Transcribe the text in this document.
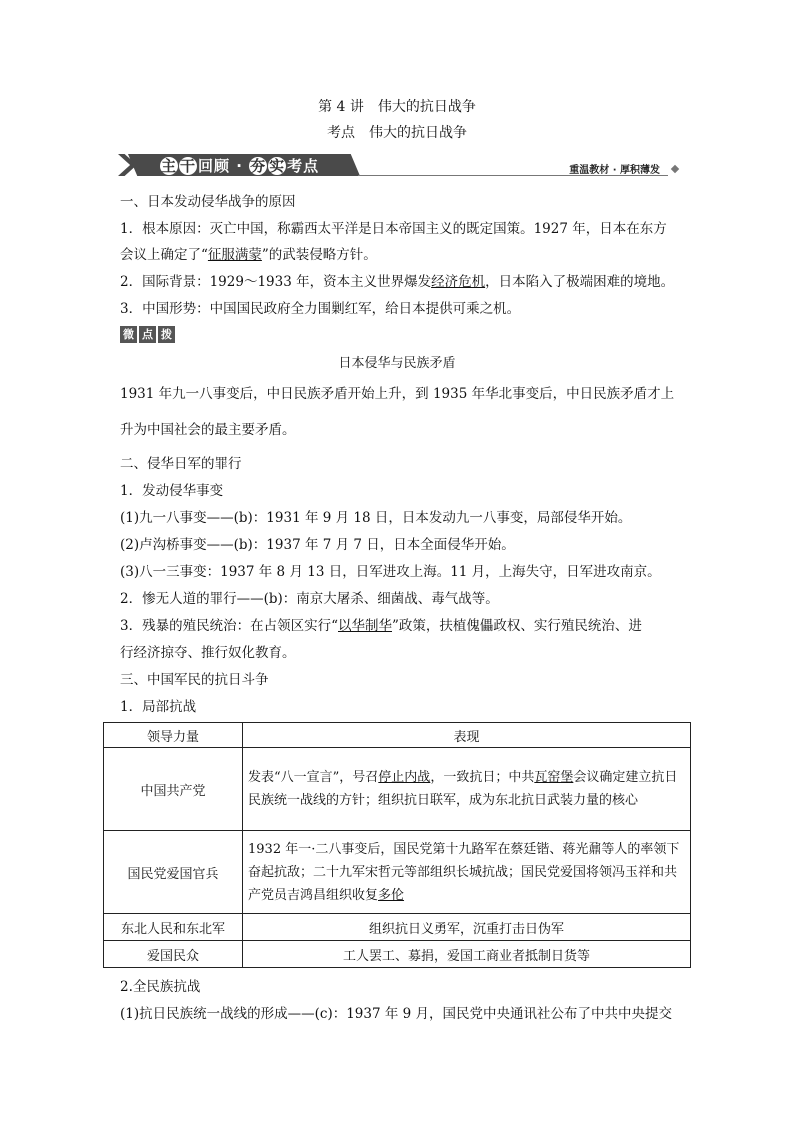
第 4 讲　伟大的抗日战争
考点　伟大的抗日战争
主 干 回顾 · 夯 实 考点	重温教材 · 厚积薄发
一、日本发动侵华战争的原因
1．根本原因：灭亡中国，称霸西太平洋是日本帝国主义的既定国策。1927 年，日本在东方
会议上确定了“征服满蒙”的武装侵略方针。
2．国际背景：1929～1933 年，资本主义世界爆发经济危机，日本陷入了极端困难的境地。
3．中国形势：中国国民政府全力围剿红军，给日本提供可乘之机。
微 点 拨
日本侵华与民族矛盾
1931 年九一八事变后，中日民族矛盾开始上升，到 1935 年华北事变后，中日民族矛盾才上
升为中国社会的最主要矛盾。
二、侵华日军的罪行
1．发动侵华事变
(1)九一八事变——(b)：1931 年 9 月 18 日，日本发动九一八事变，局部侵华开始。
(2)卢沟桥事变——(b)：1937 年 7 月 7 日，日本全面侵华开始。
(3)八一三事变：1937 年 8 月 13 日，日军进攻上海。11 月，上海失守，日军进攻南京。
2．惨无人道的罪行——(b)：南京大屠杀、细菌战、毒气战等。
3．残暴的殖民统治：在占领区实行“以华制华”政策，扶植傀儡政权、实行殖民统治、进
行经济掠夺、推行奴化教育。
三、中国军民的抗日斗争
1．局部抗战
领导力量	表现
中国共产党	发表“八一宣言”，号召停止内战，一致抗日；中共瓦窑堡会议确定建立抗日民族统一战线的方针；组织抗日联军，成为东北抗日武装力量的核心
国民党爱国官兵	1932 年一·二八事变后，国民党第十九路军在蔡廷锴、蒋光鼐等人的率领下奋起抗敌；二十九军宋哲元等部组织长城抗战；国民党爱国将领冯玉祥和共产党员吉鸿昌组织收复多伦
东北人民和东北军	组织抗日义勇军，沉重打击日伪军
爱国民众	工人罢工、募捐，爱国工商业者抵制日货等
2.全民族抗战
(1)抗日民族统一战线的形成——(c)：1937 年 9 月，国民党中央通讯社公布了中共中央提交
